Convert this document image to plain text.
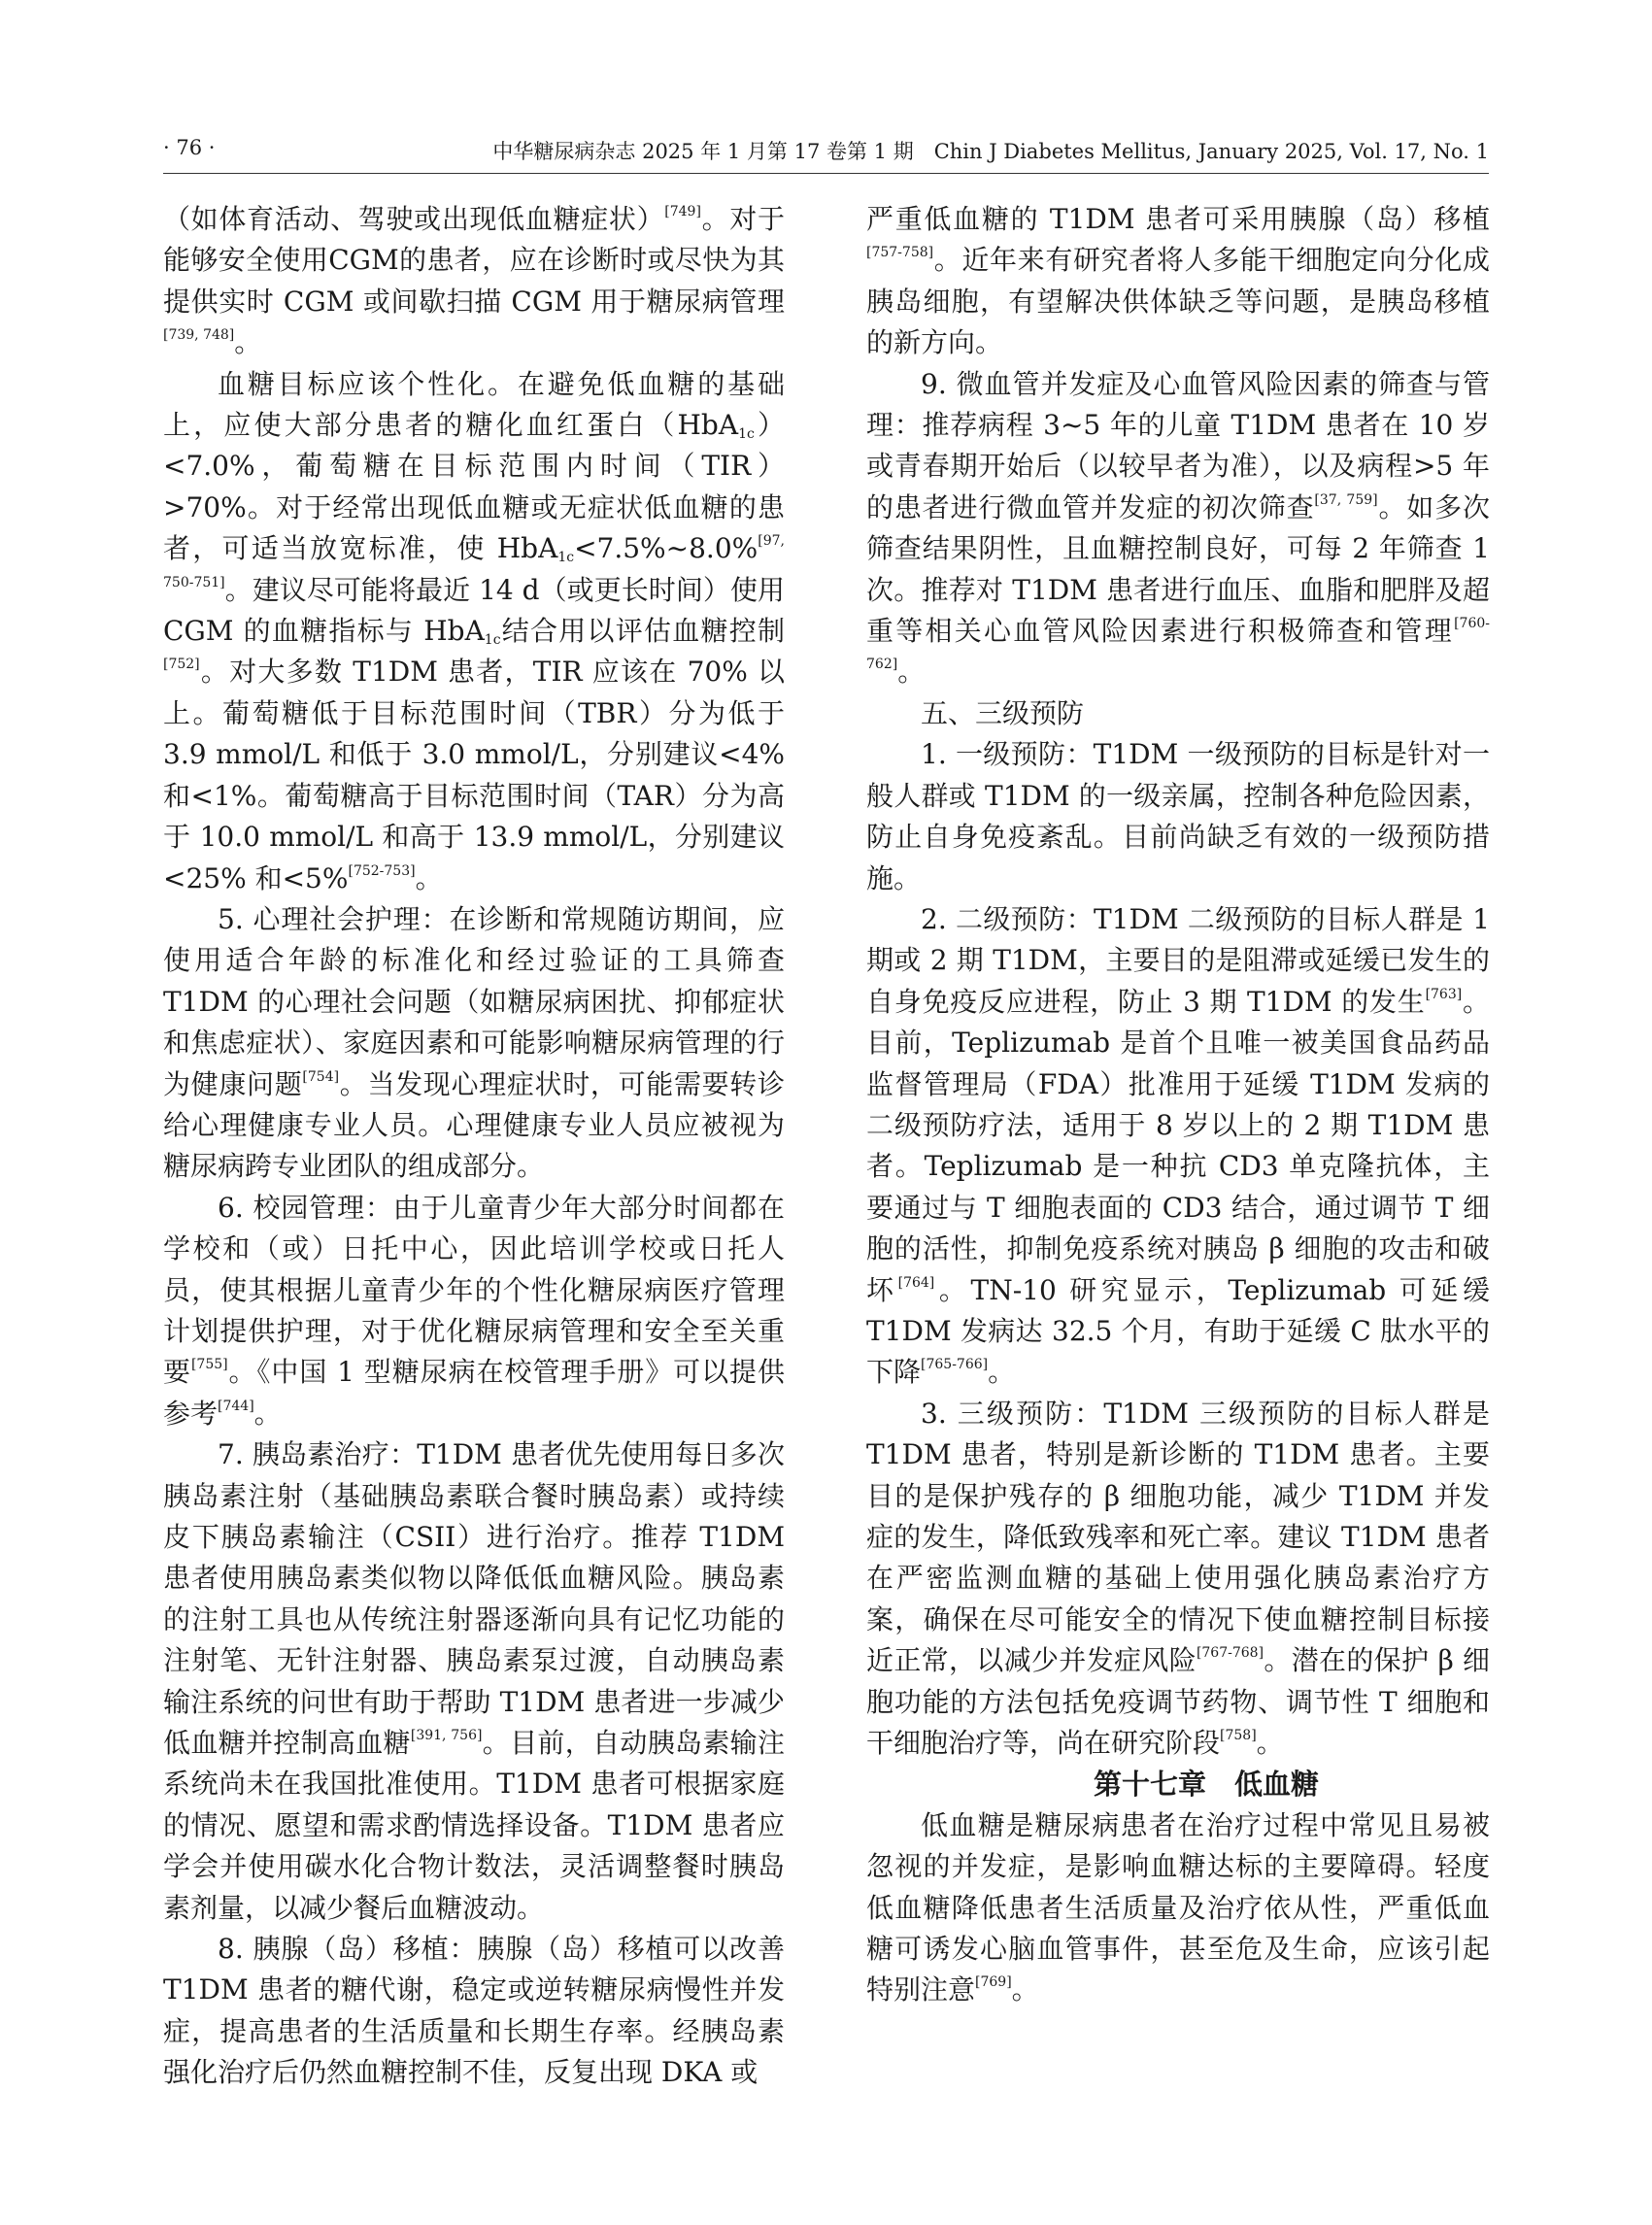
· 76 ·	中华糖尿病杂志 2025 年 1 月第 17 卷第 1 期　Chin J Diabetes Mellitus, January 2025, Vol. 17, No. 1

（如体育活动、驾驶或出现低血糖症状）[749]。对于能够安全使用CGM的患者，应在诊断时或尽快为其提供实时 CGM 或间歇扫描 CGM 用于糖尿病管理[739, 748]。

血糖目标应该个性化。在避免低血糖的基础上，应使大部分患者的糖化血红蛋白（HbA$_{1c}$）<7.0%，葡萄糖在目标范围内时间（TIR）>70%。对于经常出现低血糖或无症状低血糖的患者，可适当放宽标准，使 HbA$_{1c}$<7.5%~8.0%[97, 750-751]。建议尽可能将最近 14 d（或更长时间）使用 CGM 的血糖指标与 HbA$_{1c}$结合用以评估血糖控制[752]。对大多数 T1DM 患者，TIR 应该在 70% 以上。葡萄糖低于目标范围时间（TBR）分为低于 3.9 mmol/L 和低于 3.0 mmol/L，分别建议<4% 和<1%。葡萄糖高于目标范围时间（TAR）分为高于 10.0 mmol/L 和高于 13.9 mmol/L，分别建议<25% 和<5%[752-753]。

5. 心理社会护理：在诊断和常规随访期间，应使用适合年龄的标准化和经过验证的工具筛查 T1DM 的心理社会问题（如糖尿病困扰、抑郁症状和焦虑症状）、家庭因素和可能影响糖尿病管理的行为健康问题[754]。当发现心理症状时，可能需要转诊给心理健康专业人员。心理健康专业人员应被视为糖尿病跨专业团队的组成部分。

6. 校园管理：由于儿童青少年大部分时间都在学校和（或）日托中心，因此培训学校或日托人员，使其根据儿童青少年的个性化糖尿病医疗管理计划提供护理，对于优化糖尿病管理和安全至关重要[755]。《中国 1 型糖尿病在校管理手册》可以提供参考[744]。

7. 胰岛素治疗：T1DM 患者优先使用每日多次胰岛素注射（基础胰岛素联合餐时胰岛素）或持续皮下胰岛素输注（CSII）进行治疗。推荐 T1DM 患者使用胰岛素类似物以降低低血糖风险。胰岛素的注射工具也从传统注射器逐渐向具有记忆功能的注射笔、无针注射器、胰岛素泵过渡，自动胰岛素输注系统的问世有助于帮助 T1DM 患者进一步减少低血糖并控制高血糖[391, 756]。目前，自动胰岛素输注系统尚未在我国批准使用。T1DM 患者可根据家庭的情况、愿望和需求酌情选择设备。T1DM 患者应学会并使用碳水化合物计数法，灵活调整餐时胰岛素剂量，以减少餐后血糖波动。

8. 胰腺（岛）移植：胰腺（岛）移植可以改善 T1DM 患者的糖代谢，稳定或逆转糖尿病慢性并发症，提高患者的生活质量和长期生存率。经胰岛素强化治疗后仍然血糖控制不佳，反复出现 DKA 或

严重低血糖的 T1DM 患者可采用胰腺（岛）移植[757-758]。近年来有研究者将人多能干细胞定向分化成胰岛细胞，有望解决供体缺乏等问题，是胰岛移植的新方向。

9. 微血管并发症及心血管风险因素的筛查与管理：推荐病程 3~5 年的儿童 T1DM 患者在 10 岁或青春期开始后（以较早者为准），以及病程>5 年的患者进行微血管并发症的初次筛查[37, 759]。如多次筛查结果阴性，且血糖控制良好，可每 2 年筛查 1 次。推荐对 T1DM 患者进行血压、血脂和肥胖及超重等相关心血管风险因素进行积极筛查和管理[760-762]。

五、三级预防

1. 一级预防：T1DM 一级预防的目标是针对一般人群或 T1DM 的一级亲属，控制各种危险因素，防止自身免疫紊乱。目前尚缺乏有效的一级预防措施。

2. 二级预防：T1DM 二级预防的目标人群是 1 期或 2 期 T1DM，主要目的是阻滞或延缓已发生的自身免疫反应进程，防止 3 期 T1DM 的发生[763]。目前，Teplizumab 是首个且唯一被美国食品药品监督管理局（FDA）批准用于延缓 T1DM 发病的二级预防疗法，适用于 8 岁以上的 2 期 T1DM 患者。Teplizumab 是一种抗 CD3 单克隆抗体，主要通过与 T 细胞表面的 CD3 结合，通过调节 T 细胞的活性，抑制免疫系统对胰岛 β 细胞的攻击和破坏[764]。TN-10 研究显示，Teplizumab 可延缓 T1DM 发病达 32.5 个月，有助于延缓 C 肽水平的下降[765-766]。

3. 三级预防：T1DM 三级预防的目标人群是 T1DM 患者，特别是新诊断的 T1DM 患者。主要目的是保护残存的 β 细胞功能，减少 T1DM 并发症的发生，降低致残率和死亡率。建议 T1DM 患者在严密监测血糖的基础上使用强化胰岛素治疗方案，确保在尽可能安全的情况下使血糖控制目标接近正常，以减少并发症风险[767-768]。潜在的保护 β 细胞功能的方法包括免疫调节药物、调节性 T 细胞和干细胞治疗等，尚在研究阶段[758]。

第十七章　低血糖

低血糖是糖尿病患者在治疗过程中常见且易被忽视的并发症，是影响血糖达标的主要障碍。轻度低血糖降低患者生活质量及治疗依从性，严重低血糖可诱发心脑血管事件，甚至危及生命，应该引起特别注意[769]。
